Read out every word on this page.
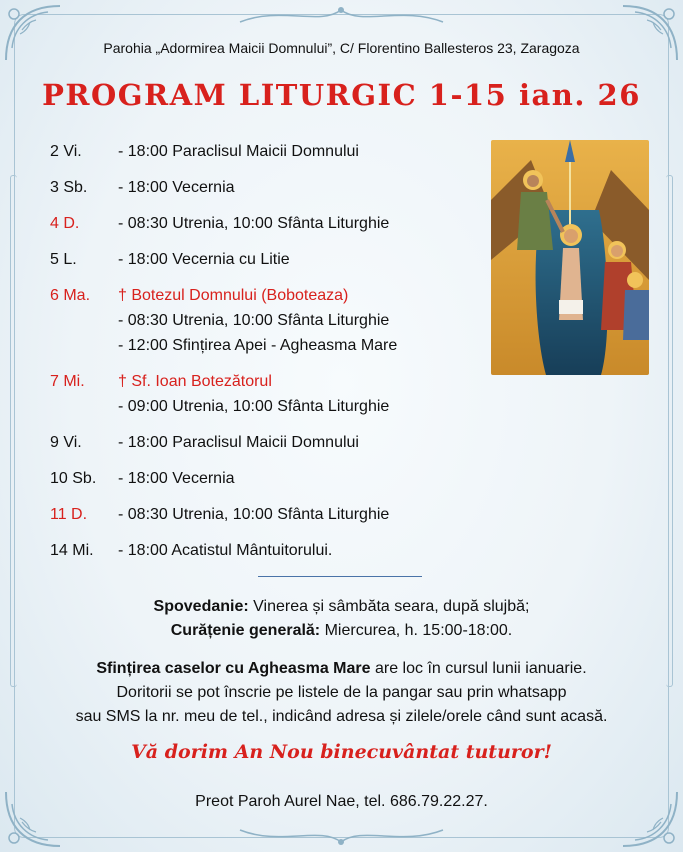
Parohia „Adormirea Maicii Domnului”, C/ Florentino Ballesteros 23, Zaragoza
PROGRAM LITURGIC 1-15 ian. 26
2 Vi.	- 18:00 Paraclisul Maicii Domnului
3 Sb.	- 18:00 Vecernia
4 D.	- 08:30 Utrenia, 10:00 Sfânta Liturghie
5 L.	- 18:00 Vecernia cu Litie
6 Ma.	† Botezul Domnului (Boboteaza)
- 08:30 Utrenia, 10:00 Sfânta Liturghie
- 12:00 Sfințirea Apei - Agheasma Mare
7 Mi.	† Sf. Ioan Botezătorul
- 09:00 Utrenia, 10:00 Sfânta Liturghie
9 Vi.	- 18:00 Paraclisul Maicii Domnului
10 Sb.	- 18:00 Vecernia
11 D.	- 08:30 Utrenia, 10:00 Sfânta Liturghie
14 Mi.	- 18:00 Acatistul Mântuitorului.
Spovedanie: Vinerea și sâmbăta seara, după slujbă;
Curățenie generală: Miercurea, h. 15:00-18:00.
Sfințirea caselor cu Agheasma Mare are loc în cursul lunii ianuarie.
Doritorii se pot înscrie pe listele de la pangar sau prin whatsapp
sau SMS la nr. meu de tel., indicând adresa și zilele/orele când sunt acasă.
Vă dorim An Nou binecuvântat tuturor!
Preot Paroh Aurel Nae, tel. 686.79.22.27.
